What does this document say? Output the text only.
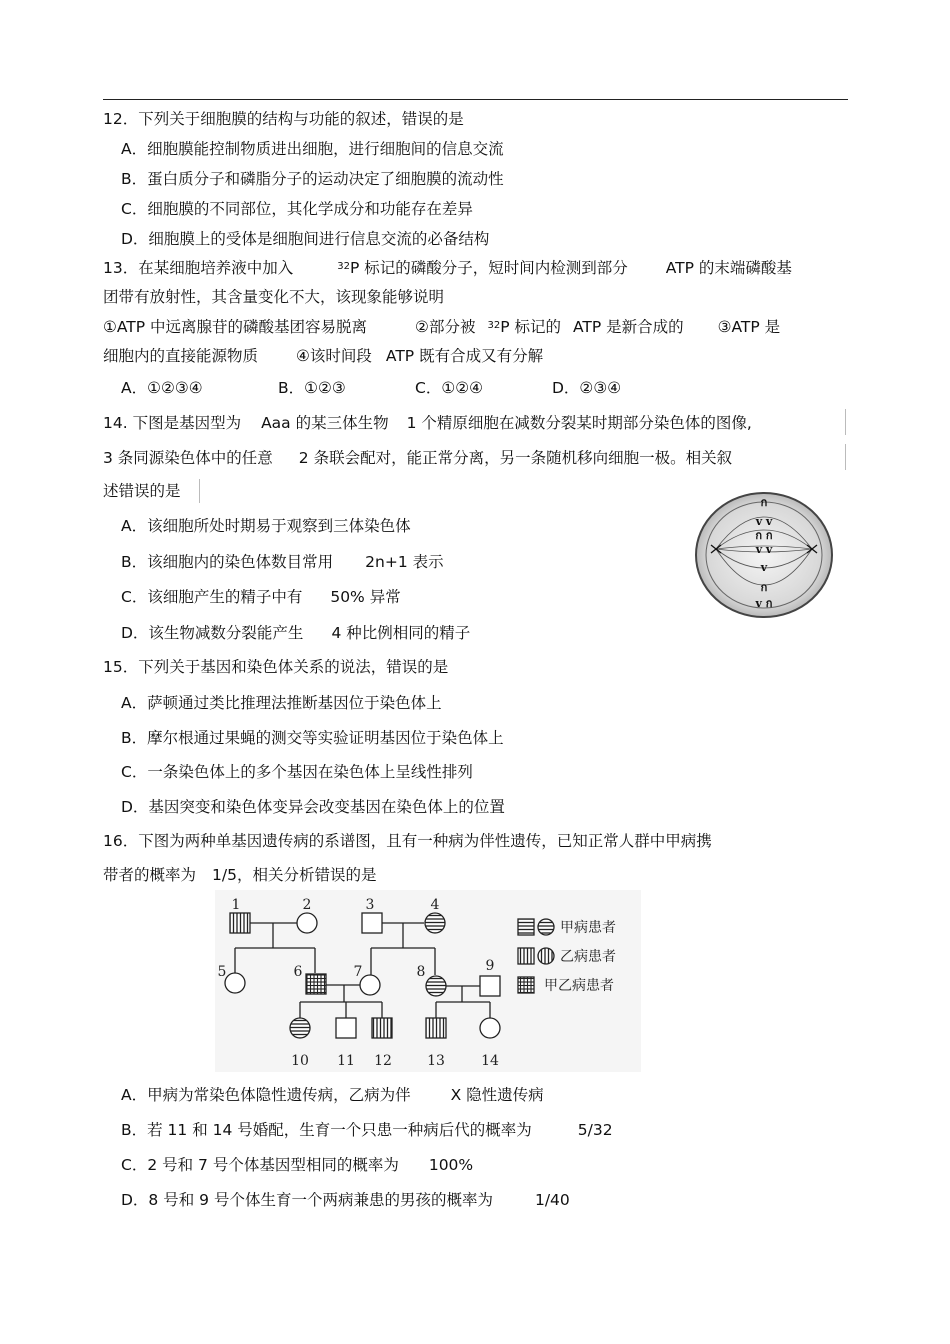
12．下列关于细胞膜的结构与功能的叙述，错误的是
A．细胞膜能控制物质进出细胞，进行细胞间的信息交流
B．蛋白质分子和磷脂分子的运动决定了细胞膜的流动性
C．细胞膜的不同部位，其化学成分和功能存在差异
D．细胞膜上的受体是细胞间进行信息交流的必备结构
13．在某细胞培养液中加入	$^{32}$P 标记的磷酸分子，短时间内检测到部分 ATP 的末端磷酸基
团带有放射性，其含量变化不大，该现象能够说明
①ATP 中远离腺苷的磷酸基团容易脱离	②部分被 $^{32}$P 标记的 ATP 是新合成的 ③ATP 是
细胞内的直接能源物质 ④该时间段 ATP 既有合成又有分解
A．①②③④	B．①②③	C．①②④	D．②③④
14. 下图是基因型为 Aaa 的某三体生物 1 个精原细胞在减数分裂某时期部分染色体的图像,
3 条同源染色体中的任意 2 条联会配对，能正常分离，另一条随机移向细胞一极。相关叙
述错误的是
A．该细胞所处时期易于观察到三体染色体
B．该细胞内的染色体数目常用 2n+1 表示
C．该细胞产生的精子中有 50% 异常
D．该生物减数分裂能产生 4 种比例相同的精子
ก
v v
ก ก
v v
v
ก
v ก
15．下列关于基因和染色体关系的说法，错误的是
A．萨顿通过类比推理法推断基因位于染色体上
B．摩尔根通过果蝇的测交等实验证明基因位于染色体上
C．一条染色体上的多个基因在染色体上呈线性排列
D．基因突变和染色体变异会改变基因在染色体上的位置
16．下图为两种单基因遗传病的系谱图，且有一种病为伴性遗传，已知正常人群中甲病携
带者的概率为 1/5，相关分析错误的是
1	2	3	4
5	6	7	8	9
10 11 12	13	14
甲病患者
乙病患者
甲乙病患者
A．甲病为常染色体隐性遗传病，乙病为伴	X 隐性遗传病
B．若 11 和 14 号婚配，生育一个只患一种病后代的概率为	5/32
C．2 号和 7 号个体基因型相同的概率为 100%
D．8 号和 9 号个体生育一个两病兼患的男孩的概率为	1/40
